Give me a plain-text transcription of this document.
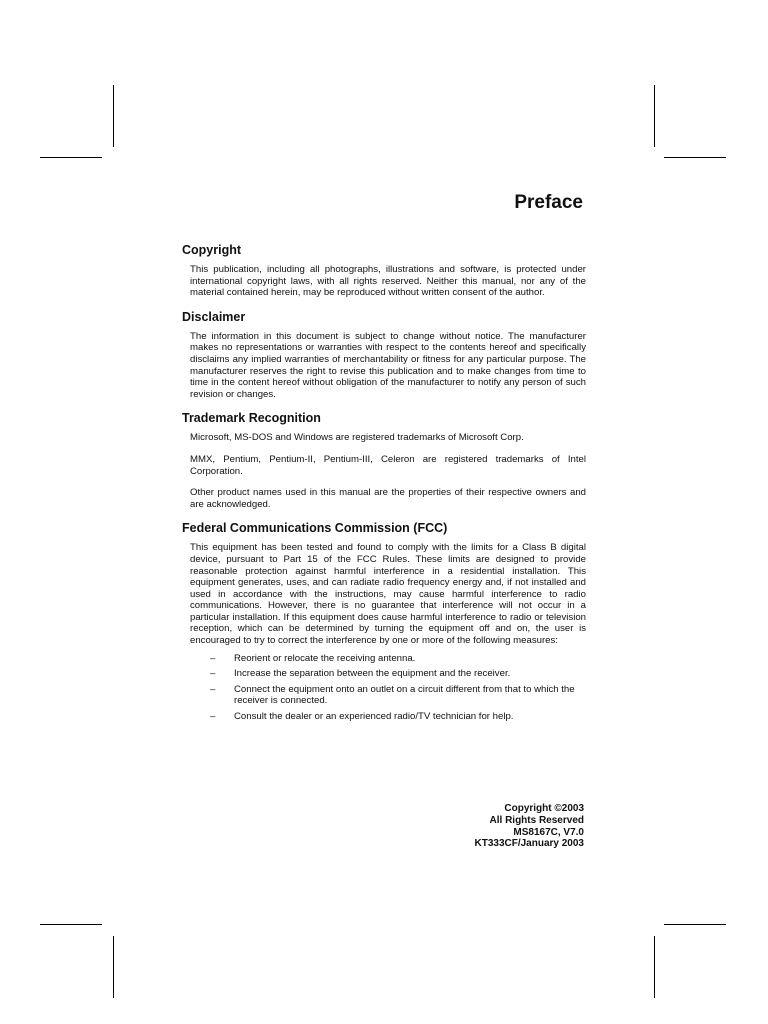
Preface
Copyright

This publication, including all photographs, illustrations and software, is protected under international copyright laws, with all rights reserved. Neither this manual, nor any of the material contained herein, may be reproduced without written consent of the author.

Disclaimer

The information in this document is subject to change without notice. The manufacturer makes no representations or warranties with respect to the contents hereof and specifically disclaims any implied warranties of merchantability or fitness for any particular purpose. The manufacturer reserves the right to revise this publication and to make changes from time to time in the content hereof without obligation of the manufacturer to notify any person of such revision or changes.

Trademark Recognition

Microsoft, MS-DOS and Windows are registered trademarks of Microsoft Corp.

MMX, Pentium, Pentium-II, Pentium-III, Celeron are registered trademarks of Intel Corporation.

Other product names used in this manual are the properties of their respective owners and are acknowledged.

Federal Communications Commission (FCC)

This equipment has been tested and found to comply with the limits for a Class B digital device, pursuant to Part 15 of the FCC Rules. These limits are designed to provide reasonable protection against harmful interference in a residential installation. This equipment generates, uses, and can radiate radio frequency energy and, if not installed and used in accordance with the instructions, may cause harmful interference to radio communications. However, there is no guarantee that interference will not occur in a particular installation. If this equipment does cause harmful interference to radio or television reception, which can be determined by turning the equipment off and on, the user is encouraged to try to correct the interference by one or more of the following measures:

–	Reorient or relocate the receiving antenna.
–	Increase the separation between the equipment and the receiver.
–	Connect the equipment onto an outlet on a circuit different from that to which the receiver is connected.
–	Consult the dealer or an experienced radio/TV technician for help.
Copyright ©2003
All Rights Reserved
MS8167C, V7.0
KT333CF/January 2003
